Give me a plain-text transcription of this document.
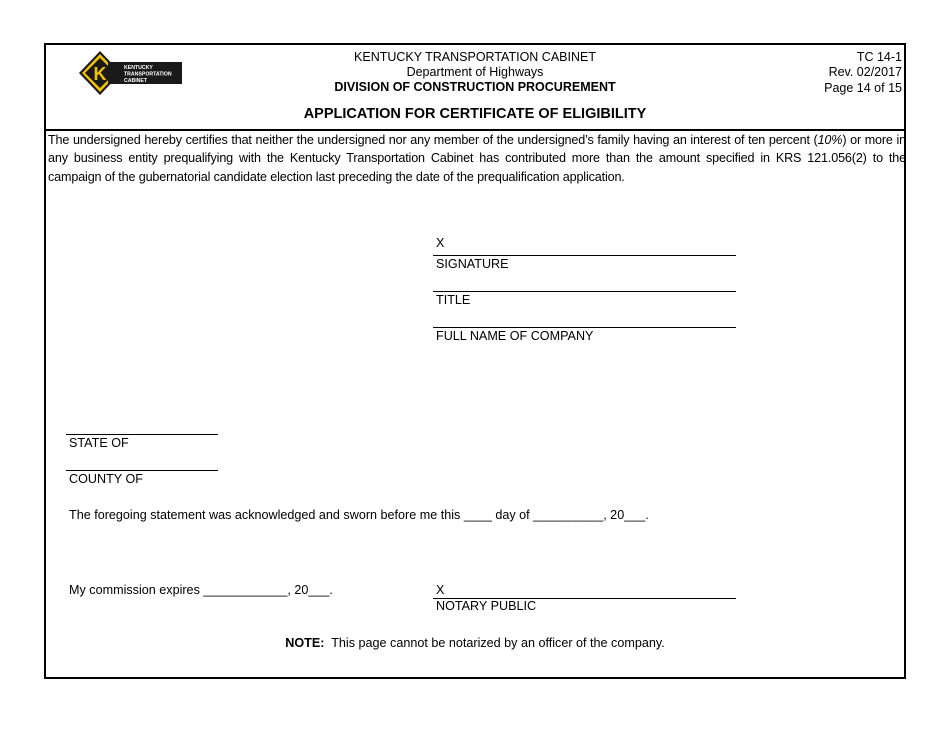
K	KENTUCKY
TRANSPORTATION
CABINET
KENTUCKY TRANSPORTATION CABINET
Department of Highways
DIVISION OF CONSTRUCTION PROCUREMENT
TC 14-1
Rev. 02/2017
Page 14 of 15
APPLICATION FOR CERTIFICATE OF ELIGIBILITY
The undersigned hereby certifies that neither the undersigned nor any member of the undersigned’s family having an interest of ten percent (10%) or more in any business entity prequalifying with the Kentucky Transportation Cabinet has contributed more than the amount specified in KRS 121.056(2) to the campaign of the gubernatorial candidate election last preceding the date of the prequalification application.
X
SIGNATURE
TITLE
FULL NAME OF COMPANY
STATE OF
COUNTY OF
The foregoing statement was acknowledged and sworn before me this ____ day of __________, 20___.
My commission expires ____________, 20___.	X
NOTARY PUBLIC
NOTE: This page cannot be notarized by an officer of the company.
